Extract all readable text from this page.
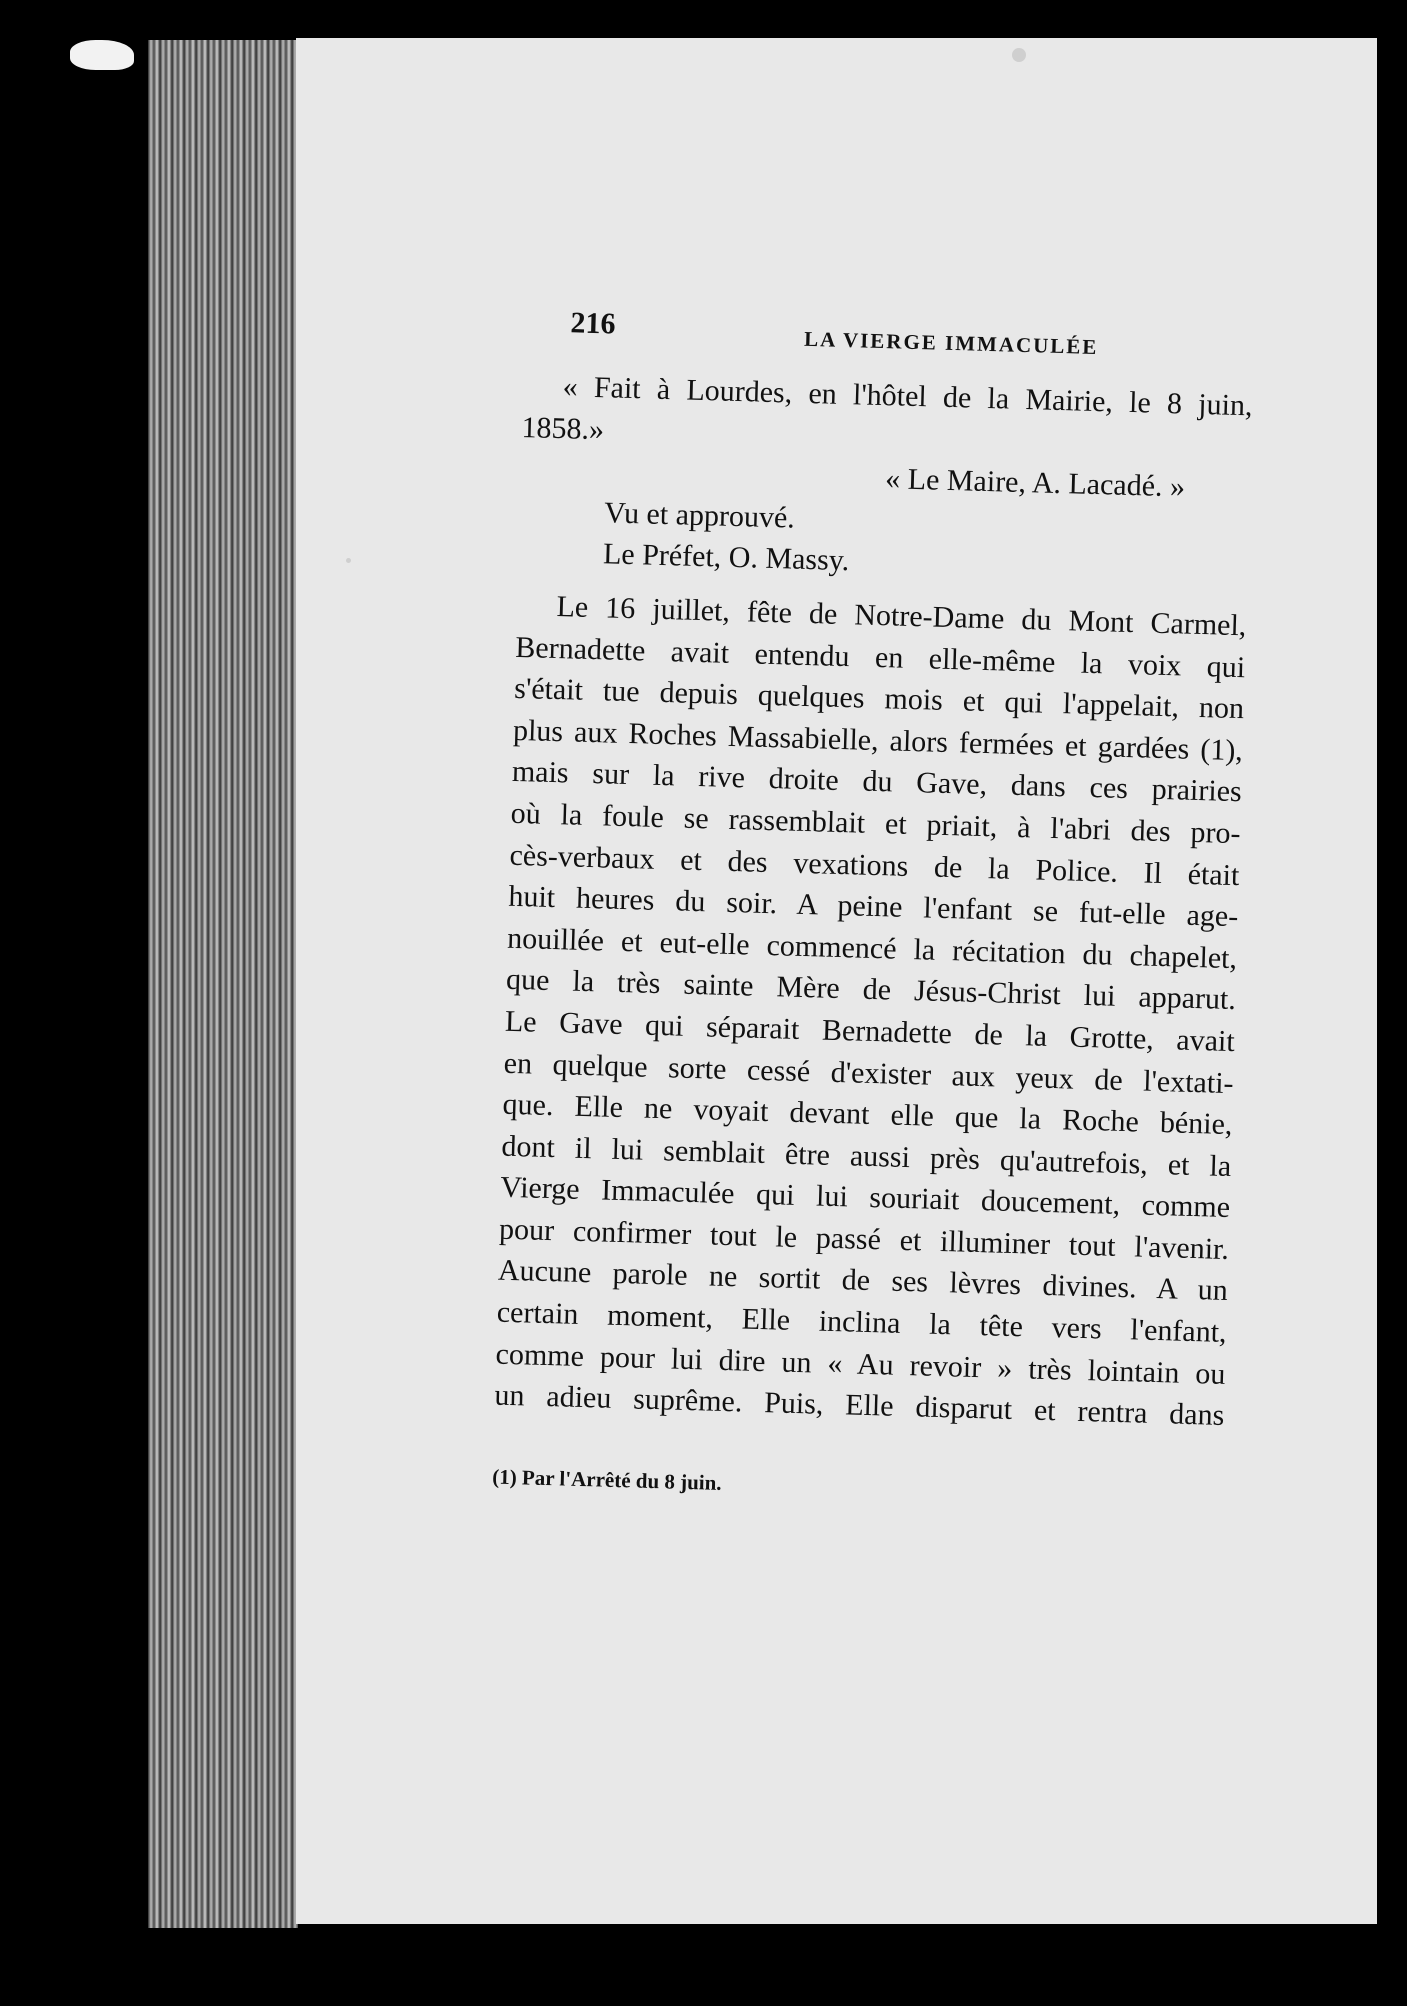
216
LA VIERGE IMMACULÉE
« Fait à Lourdes, en l'hôtel de la Mairie, le 8 juin,
1858.»
« Le Maire, A. Lacadé. »
Vu et approuvé.
Le Préfet, O. Massy.
Le 16 juillet, fête de Notre-Dame du Mont Carmel,
Bernadette avait entendu en elle-même la voix qui
s'était tue depuis quelques mois et qui l'appelait, non
plus aux Roches Massabielle, alors fermées et gardées (1),
mais sur la rive droite du Gave, dans ces prairies
où la foule se rassemblait et priait, à l'abri des pro-
cès-verbaux et des vexations de la Police. Il était
huit heures du soir. A peine l'enfant se fut-elle age-
nouillée et eut-elle commencé la récitation du chapelet,
que la très sainte Mère de Jésus-Christ lui apparut.
Le Gave qui séparait Bernadette de la Grotte, avait
en quelque sorte cessé d'exister aux yeux de l'extati-
que. Elle ne voyait devant elle que la Roche bénie,
dont il lui semblait être aussi près qu'autrefois, et la
Vierge Immaculée qui lui souriait doucement, comme
pour confirmer tout le passé et illuminer tout l'avenir.
Aucune parole ne sortit de ses lèvres divines. A un
certain moment, Elle inclina la tête vers l'enfant,
comme pour lui dire un « Au revoir » très lointain ou
un adieu suprême. Puis, Elle disparut et rentra dans
(1) Par l'Arrêté du 8 juin.
